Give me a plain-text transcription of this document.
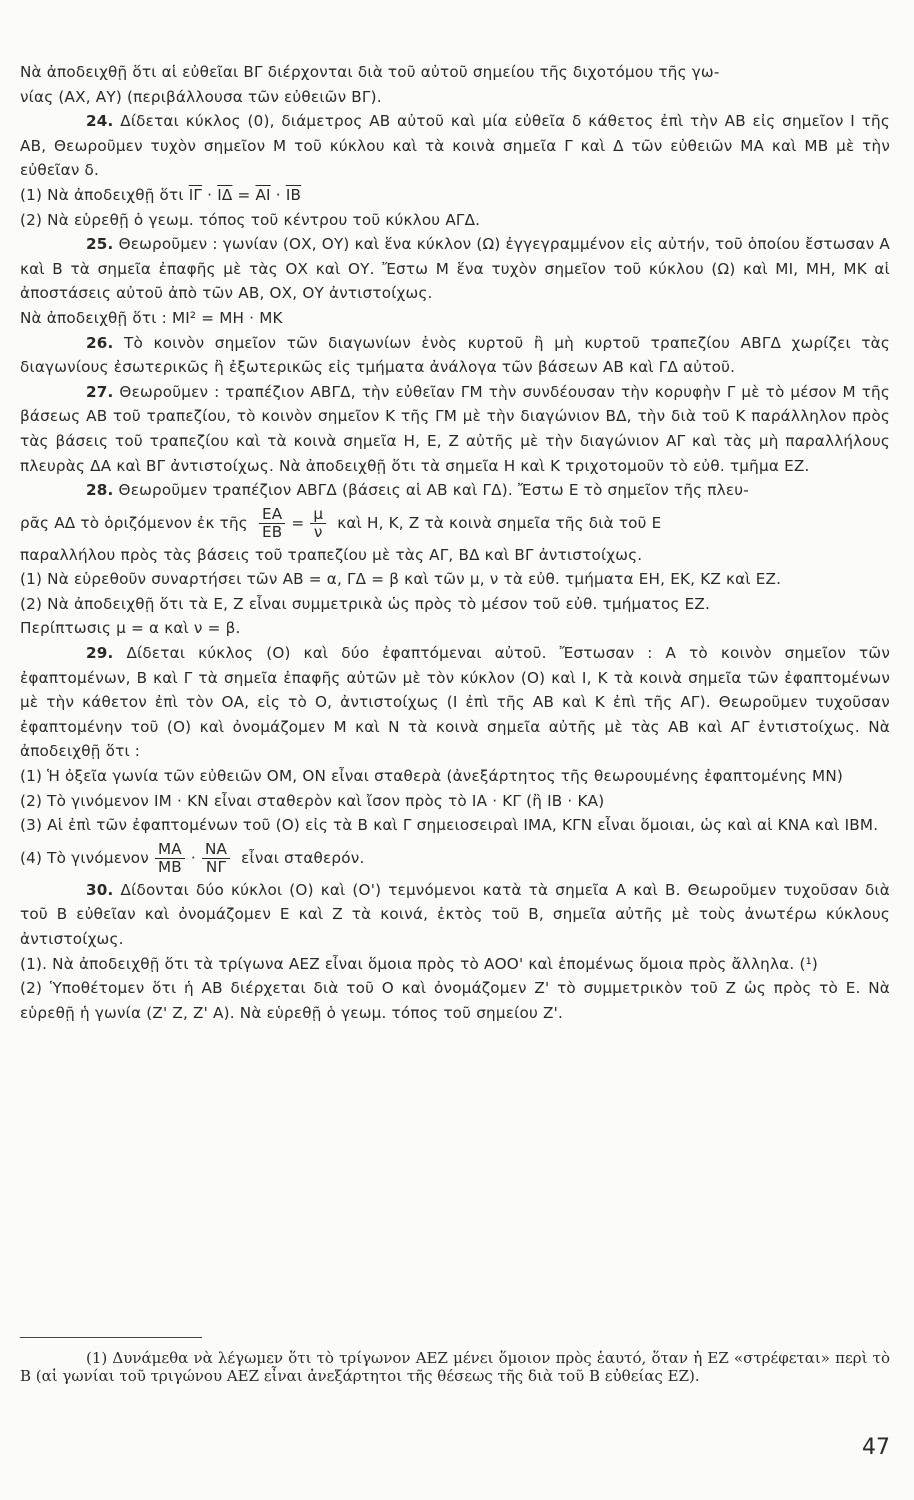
Νὰ ἀποδειχθῇ ὅτι αἱ εὐθεῖαι ΒΓ διέρχονται διὰ τοῦ αὐτοῦ σημείου τῆς διχοτόμου τῆς γω-

νίας (ΑΧ, ΑΥ) (περιβάλλουσα τῶν εὐθειῶν ΒΓ).

24. Δίδεται κύκλος (0), διάμετρος ΑΒ αὐτοῦ καὶ μία εὐθεῖα δ κάθετος ἐπὶ τὴν ΑΒ εἰς σημεῖον Ι τῆς ΑΒ, Θεωροῦμεν τυχὸν σημεῖον Μ τοῦ κύκλου καὶ τὰ κοινὰ σημεῖα Γ καὶ Δ τῶν εὐθειῶν ΜΑ καὶ ΜΒ μὲ τὴν εὐθεῖαν δ.

(1) Νὰ ἀποδειχθῇ ὅτι $\overline{I\Gamma} \cdot \overline{I\Delta} = \overline{AI} \cdot \overline{IB}$

(2) Νὰ εὑρεθῇ ὁ γεωμ. τόπος τοῦ κέντρου τοῦ κύκλου ΑΓΔ.

25. Θεωροῦμεν : γωνίαν (ΟΧ, ΟΥ) καὶ ἕνα κύκλον (Ω) ἐγγεγραμμένον εἰς αὐτήν, τοῦ ὁποίου ἔστωσαν Α καὶ Β τὰ σημεῖα ἐπαφῆς μὲ τὰς ΟΧ καὶ ΟΥ. Ἔστω Μ ἕνα τυχὸν σημεῖον τοῦ κύκλου (Ω) καὶ ΜΙ, ΜΗ, ΜΚ αἱ ἀποστάσεις αὐτοῦ ἀπὸ τῶν ΑΒ, ΟΧ, ΟΥ ἀντιστοίχως.

Νὰ ἀποδειχθῇ ὅτι : ΜΙ² = ΜΗ · ΜΚ

26. Τὸ κοινὸν σημεῖον τῶν διαγωνίων ἑνὸς κυρτοῦ ἢ μὴ κυρτοῦ τραπεζίου ΑΒΓΔ χωρίζει τὰς διαγωνίους ἐσωτερικῶς ἢ ἐξωτερικῶς εἰς τμήματα ἀνάλογα τῶν βάσεων ΑΒ καὶ ΓΔ αὐτοῦ.

27. Θεωροῦμεν : τραπέζιον ΑΒΓΔ, τὴν εὐθεῖαν ΓΜ τὴν συνδέουσαν τὴν κορυφὴν Γ μὲ τὸ μέσον Μ τῆς βάσεως ΑΒ τοῦ τραπεζίου, τὸ κοινὸν σημεῖον Κ τῆς ΓΜ μὲ τὴν διαγώνιον ΒΔ, τὴν διὰ τοῦ Κ παράλληλον πρὸς τὰς βάσεις τοῦ τραπεζίου καὶ τὰ κοινὰ σημεῖα Η, Ε, Ζ αὐτῆς μὲ τὴν διαγώνιον ΑΓ καὶ τὰς μὴ παραλλήλους πλευρὰς ΔΑ καὶ ΒΓ ἀντιστοίχως. Νὰ ἀποδειχθῇ ὅτι τὰ σημεῖα Η καὶ Κ τριχοτομοῦν τὸ εὐθ. τμῆμα ΕΖ.

28. Θεωροῦμεν τραπέζιον ΑΒΓΔ (βάσεις αἱ ΑΒ καὶ ΓΔ). Ἔστω Ε τὸ σημεῖον τῆς πλευ-

ρᾶς ΑΔ τὸ ὁριζόμενον ἐκ τῆς $\frac{EA}{EB} = \frac{\mu}{\nu}$ καὶ Η, Κ, Ζ τὰ κοινὰ σημεῖα τῆς διὰ τοῦ Ε

παραλλήλου πρὸς τὰς βάσεις τοῦ τραπεζίου μὲ τὰς ΑΓ, ΒΔ καὶ ΒΓ ἀντιστοίχως.

(1) Νὰ εὑρεθοῦν συναρτήσει τῶν ΑΒ = α, ΓΔ = β καὶ τῶν μ, ν τὰ εὐθ. τμήματα ΕΗ, ΕΚ, ΚΖ καὶ ΕΖ.

(2) Νὰ ἀποδειχθῇ ὅτι τὰ Ε, Ζ εἶναι συμμετρικὰ ὡς πρὸς τὸ μέσον τοῦ εὐθ. τμήματος ΕΖ.

Περίπτωσις μ = α καὶ ν = β.

29. Δίδεται κύκλος (Ο) καὶ δύο ἐφαπτόμεναι αὐτοῦ. Ἔστωσαν : Α τὸ κοινὸν σημεῖον τῶν ἐφαπτομένων, Β καὶ Γ τὰ σημεῖα ἐπαφῆς αὐτῶν μὲ τὸν κύκλον (Ο) καὶ Ι, Κ τὰ κοινὰ σημεῖα τῶν ἐφαπτομένων μὲ τὴν κάθετον ἐπὶ τὸν ΟΑ, εἰς τὸ Ο, ἀντιστοίχως (Ι ἐπὶ τῆς ΑΒ καὶ Κ ἐπὶ τῆς ΑΓ). Θεωροῦμεν τυχοῦσαν ἐφαπτομένην τοῦ (Ο) καὶ ὀνομάζομεν Μ καὶ Ν τὰ κοινὰ σημεῖα αὐτῆς μὲ τὰς ΑΒ καὶ ΑΓ ἐντιστοίχως. Νὰ ἀποδειχθῇ ὅτι :

(1) Ἡ ὀξεῖα γωνία τῶν εὐθειῶν ΟΜ, ΟΝ εἶναι σταθερὰ (ἀνεξάρτητος τῆς θεωρουμένης ἐφαπτομένης ΜΝ)

(2) Τὸ γινόμενον ΙΜ · ΚΝ εἶναι σταθερὸν καὶ ἴσον πρὸς τὸ ΙΑ · ΚΓ (ἢ ΙΒ · ΚΑ)

(3) Αἱ ἐπὶ τῶν ἐφαπτομένων τοῦ (Ο) εἰς τὰ Β καὶ Γ σημειοσειραὶ ΙΜΑ, ΚΓΝ εἶναι ὅμοιαι, ὡς καὶ αἱ ΚΝΑ καὶ ΙΒΜ.

(4) Τὸ γινόμενον $\frac{MA}{MB} \cdot \frac{NA}{N\Gamma}$ εἶναι σταθερόν.

30. Δίδονται δύο κύκλοι (Ο) καὶ (Ο') τεμνόμενοι κατὰ τὰ σημεῖα Α καὶ Β. Θεωροῦμεν τυχοῦσαν διὰ τοῦ Β εὐθεῖαν καὶ ὀνομάζομεν Ε καὶ Ζ τὰ κοινά, ἐκτὸς τοῦ Β, σημεῖα αὐτῆς μὲ τοὺς ἀνωτέρω κύκλους ἀντιστοίχως.

(1). Νὰ ἀποδειχθῇ ὅτι τὰ τρίγωνα ΑΕΖ εἶναι ὅμοια πρὸς τὸ ΑΟΟ' καὶ ἑπομένως ὅμοια πρὸς ἄλληλα. (¹)

(2) Ὑποθέτομεν ὅτι ἡ ΑΒ διέρχεται διὰ τοῦ Ο καὶ ὀνομάζομεν Ζ' τὸ συμμετρικὸν τοῦ Ζ ὡς πρὸς τὸ Ε. Νὰ εὑρεθῇ ἡ γωνία (Ζ' Ζ, Ζ' Α). Νὰ εὑρεθῇ ὁ γεωμ. τόπος τοῦ σημείου Ζ'.

(1) Δυνάμεθα νὰ λέγωμεν ὅτι τὸ τρίγωνον ΑΕΖ μένει ὅμοιον πρὸς ἑαυτό, ὅταν ἡ ΕΖ «στρέφεται» περὶ τὸ Β (αἱ γωνίαι τοῦ τριγώνου ΑΕΖ εἶναι ἀνεξάρτητοι τῆς θέσεως τῆς διὰ τοῦ Β εὐθείας ΕΖ).

47
